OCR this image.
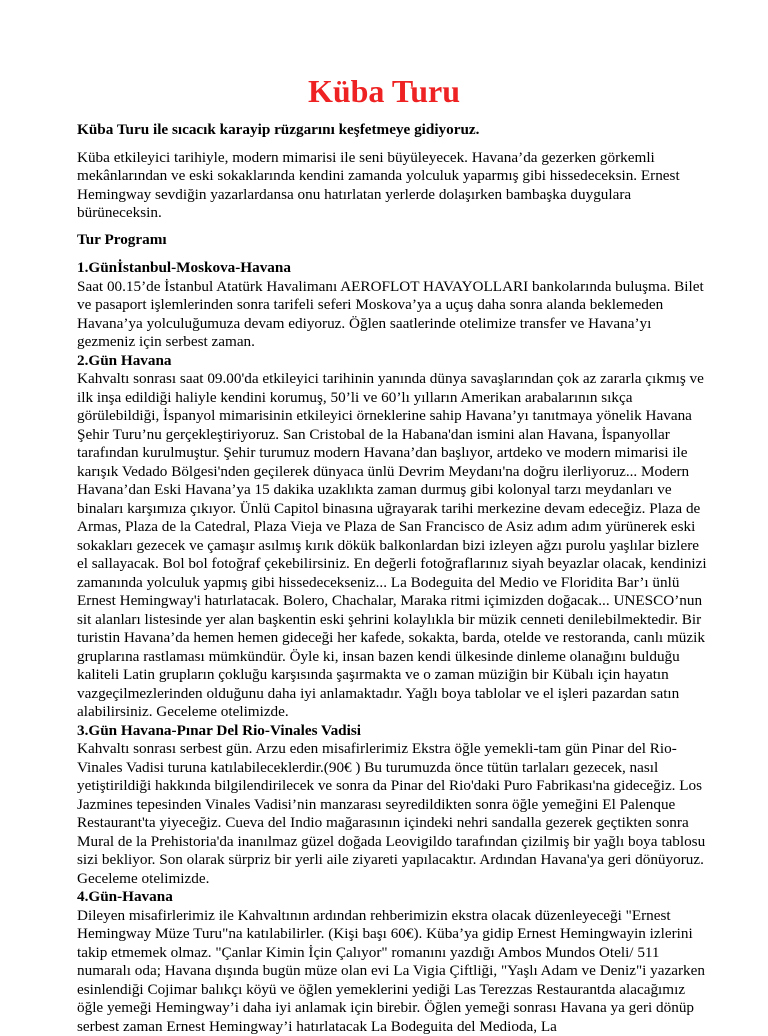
Küba Turu

Küba Turu ile sıcacık karayip rüzgarını keşfetmeye gidiyoruz.

Küba etkileyici tarihiyle, modern mimarisi ile seni büyüleyecek. Havana’da gezerken görkemli mekânlarından ve eski sokaklarında kendini zamanda yolculuk yaparmış gibi hissedeceksin. Ernest Hemingway sevdiğin yazarlardansa onu hatırlatan yerlerde dolaşırken bambaşka duygulara bürüneceksin.

Tur Programı

1.Günİstanbul-Moskova-Havana

Saat 00.15’de İstanbul Atatürk Havalimanı AEROFLOT HAVAYOLLARI bankolarında buluşma. Bilet ve pasaport işlemlerinden sonra tarifeli seferi Moskova’ya a uçuş daha sonra alanda beklemeden Havana’ya yolculuğumuza devam ediyoruz. Öğlen saatlerinde otelimize transfer ve Havana’yı gezmeniz için serbest zaman.

2.Gün Havana

Kahvaltı sonrası saat 09.00'da etkileyici tarihinin yanında dünya savaşlarından çok az zararla çıkmış ve ilk inşa edildiği haliyle kendini korumuş, 50’li ve 60’lı yılların Amerikan arabalarının sıkça görülebildiği, İspanyol mimarisinin etkileyici örneklerine sahip Havana’yı tanıtmaya yönelik Havana Şehir Turu’nu gerçekleştiriyoruz. San Cristobal de la Habana'dan ismini alan Havana, İspanyollar tarafından kurulmuştur. Şehir turumuz modern Havana’dan başlıyor, artdeko ve modern mimarisi ile karışık Vedado Bölgesi'nden geçilerek dünyaca ünlü Devrim Meydanı'na doğru ilerliyoruz... Modern Havana’dan Eski Havana’ya 15 dakika uzaklıkta zaman durmuş gibi kolonyal tarzı meydanları ve binaları karşımıza çıkıyor. Ünlü Capitol binasına uğrayarak tarihi merkezine devam edeceğiz. Plaza de Armas, Plaza de la Catedral, Plaza Vieja ve Plaza de San Francisco de Asiz adım adım yürünerek eski sokakları gezecek ve çamaşır asılmış kırık dökük balkonlardan bizi izleyen ağzı purolu yaşlılar bizlere el sallayacak. Bol bol fotoğraf çekebilirsiniz. En değerli fotoğraflarınız siyah beyazlar olacak, kendinizi zamanında yolculuk yapmış gibi hissedecekseniz... La Bodeguita del Medio ve Floridita Bar’ı ünlü Ernest Hemingway'i hatırlatacak. Bolero, Chachalar, Maraka ritmi içimizden doğacak... UNESCO’nun sit alanları listesinde yer alan başkentin eski şehrini kolaylıkla bir müzik cenneti denilebilmektedir. Bir turistin Havana’da hemen hemen gideceği her kafede, sokakta, barda, otelde ve restoranda, canlı müzik gruplarına rastlaması mümkündür. Öyle ki, insan bazen kendi ülkesinde dinleme olanağını bulduğu kaliteli Latin grupların çokluğu karşısında şaşırmakta ve o zaman müziğin bir Kübalı için hayatın vazgeçilmezlerinden olduğunu daha iyi anlamaktadır. Yağlı boya tablolar ve el işleri pazardan satın alabilirsiniz. Geceleme otelimizde.

3.Gün Havana-Pınar Del Rio-Vinales Vadisi

Kahvaltı sonrası serbest gün. Arzu eden misafirlerimiz Ekstra öğle yemekli-tam gün Pinar del Rio-Vinales Vadisi turuna katılabileceklerdir.(90€ ) Bu turumuzda önce tütün tarlaları gezecek, nasıl yetiştirildiği hakkında bilgilendirilecek ve sonra da Pinar del Rio'daki Puro Fabrikası'na gideceğiz. Los Jazmines tepesinden Vinales Vadisi’nin manzarası seyredildikten sonra öğle yemeğini El Palenque Restaurant'ta yiyeceğiz. Cueva del Indio mağarasının içindeki nehri sandalla gezerek geçtikten sonra Mural de la Prehistoria'da inanılmaz güzel doğada Leovigildo tarafından çizilmiş bir yağlı boya tablosu sizi bekliyor. Son olarak sürpriz bir yerli aile ziyareti yapılacaktır. Ardından Havana'ya geri dönüyoruz. Geceleme otelimizde.

4.Gün-Havana

Dileyen misafirlerimiz ile Kahvaltının ardından rehberimizin ekstra olacak düzenleyeceği "Ernest Hemingway Müze Turu"na katılabilirler. (Kişi başı 60€). Küba’ya gidip Ernest Hemingwayin izlerini takip etmemek olmaz. "Çanlar Kimin İçin Çalıyor" romanını yazdığı Ambos Mundos Oteli/ 511 numaralı oda; Havana dışında bugün müze olan evi La Vigia Çiftliği, "Yaşlı Adam ve Deniz"i yazarken esinlendiği Cojimar balıkçı köyü ve öğlen yemeklerini yediği Las Terezzas Restaurantda alacağımız öğle yemeği Hemingway’i daha iyi anlamak için birebir. Öğlen yemeği sonrası Havana ya geri dönüp serbest zaman Ernest Hemingway’i hatırlatacak La Bodeguita del Medioda, La
